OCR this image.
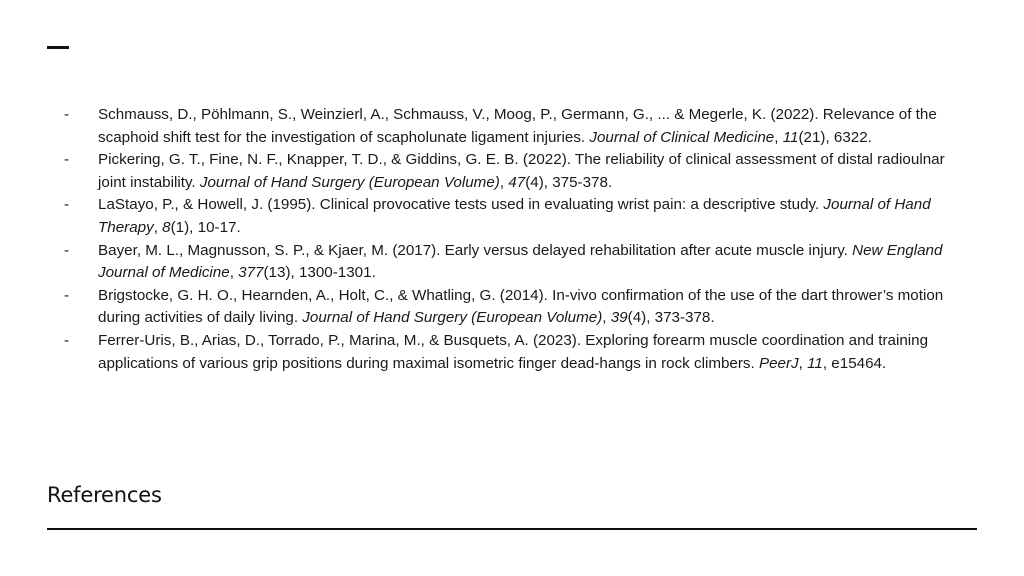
- Schmauss, D., Pöhlmann, S., Weinzierl, A., Schmauss, V., Moog, P., Germann, G., ... & Megerle, K. (2022). Relevance of the scaphoid shift test for the investigation of scapholunate ligament injuries. Journal of Clinical Medicine, 11(21), 6322.
- Pickering, G. T., Fine, N. F., Knapper, T. D., & Giddins, G. E. B. (2022). The reliability of clinical assessment of distal radioulnar joint instability. Journal of Hand Surgery (European Volume), 47(4), 375-378.
- LaStayo, P., & Howell, J. (1995). Clinical provocative tests used in evaluating wrist pain: a descriptive study. Journal of Hand Therapy, 8(1), 10-17.
- Bayer, M. L., Magnusson, S. P., & Kjaer, M. (2017). Early versus delayed rehabilitation after acute muscle injury. New England Journal of Medicine, 377(13), 1300-1301.
- Brigstocke, G. H. O., Hearnden, A., Holt, C., & Whatling, G. (2014). In-vivo confirmation of the use of the dart thrower’s motion during activities of daily living. Journal of Hand Surgery (European Volume), 39(4), 373-378.
- Ferrer-Uris, B., Arias, D., Torrado, P., Marina, M., & Busquets, A. (2023). Exploring forearm muscle coordination and training applications of various grip positions during maximal isometric finger dead-hangs in rock climbers. PeerJ, 11, e15464.
References
